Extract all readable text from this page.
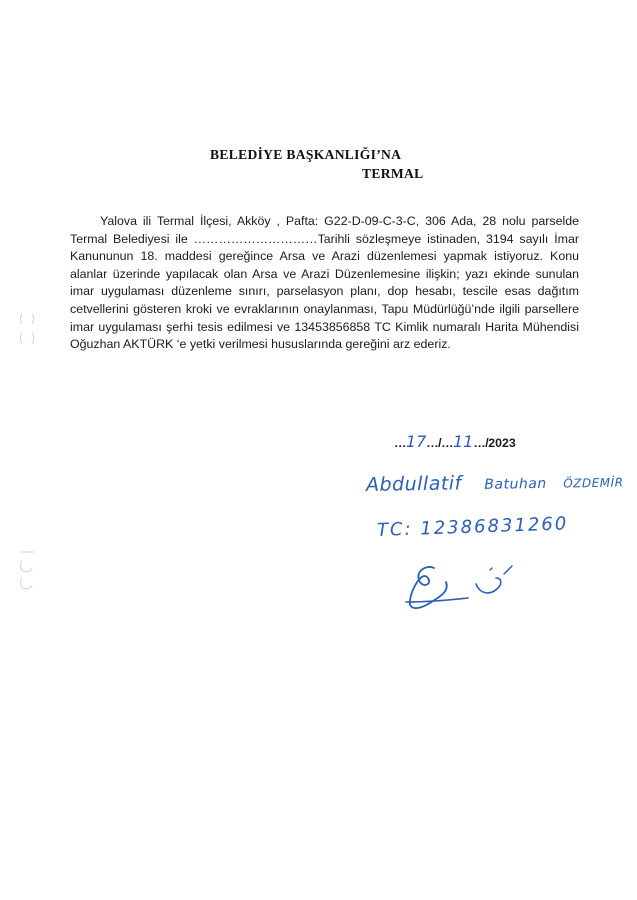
BELEDİYE BAŞKANLIĞI’NA
TERMAL
Yalova ili Termal İlçesi, Akköy , Pafta: G22-D-09-C-3-C, 306 Ada, 28 nolu parselde Termal Belediyesi ile …………………………Tarihli sözleşmeye istinaden, 3194 sayılı İmar Kanununun 18. maddesi gereğince Arsa ve Arazi düzenlemesi yapmak istiyoruz. Konu alanlar üzerinde yapılacak olan Arsa ve Arazi Düzenlemesine ilişkin; yazı ekinde sunulan imar uygulaması düzenleme sınırı, parselasyon planı, dop hesabı, tescile esas dağıtım cetvellerini gösteren kroki ve evraklarının onaylanması, Tapu Müdürlüğü’nde ilgili parsellere imar uygulaması şerhi tesis edilmesi ve 13453856858 TC Kimlik numaralı Harita Mühendisi Oğuzhan AKTÜRK ‘e yetki verilmesi hususlarında gereğini arz ederiz.
…17…/…11…/2023
Abdullatif Batuhan ÖZDEMİR
TC: 12386831260
